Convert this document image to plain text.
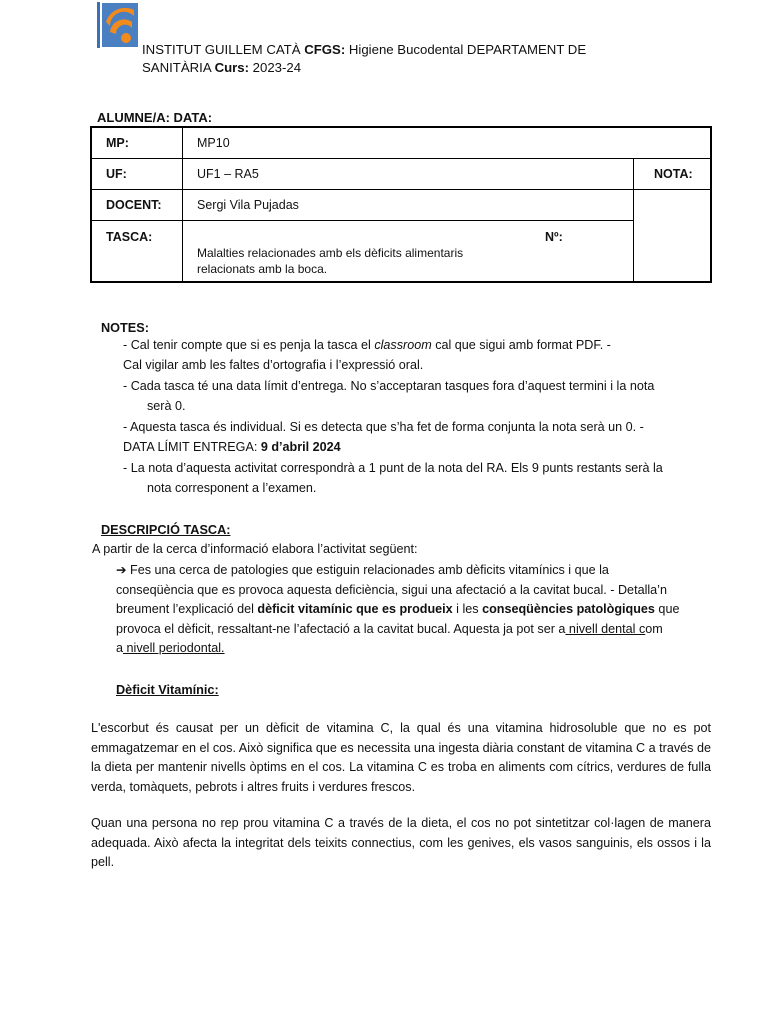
INSTITUT GUILLEM CATÀ CFGS: Higiene Bucodental DEPARTAMENT DE
SANITÀRIA Curs: 2023-24
ALUMNE/A: DATA:
MP:	MP10	
UF:	UF1 – RA5	NOTA:
DOCENT:	Sergi Vila Pujadas	
TASCA:	Nº:
Malalties relacionades amb els dèficits alimentaris
relacionats amb la boca.	
NOTES:
- Cal tenir compte que si es penja la tasca el classroom cal que sigui amb format PDF. -
Cal vigilar amb les faltes d’ortografia i l’expressió oral.
- Cada tasca té una data límit d’entrega. No s’acceptaran tasques fora d’aquest termini i la nota
serà 0.
- Aquesta tasca és individual. Si es detecta que s’ha fet de forma conjunta la nota serà un 0. -
DATA LÍMIT ENTREGA: 9 d’abril 2024
- La nota d’aquesta activitat correspondrà a 1 punt de la nota del RA. Els 9 punts restants serà la
nota corresponent a l’examen.
DESCRIPCIÓ TASCA:
A partir de la cerca d’informació elabora l’activitat següent:
➔ Fes una cerca de patologies que estiguin relacionades amb dèficits vitamínics i que la
conseqüència que es provoca aquesta deficiència, sigui una afectació a la cavitat bucal. - Detalla’n
breument l’explicació del dèficit vitamínic que es produeix i les conseqüències patològiques que
provoca el dèficit, ressaltant-ne l’afectació a la cavitat bucal. Aquesta ja pot ser a nivell dental com
a nivell periodontal.
Dèficit Vitamínic:
L'escorbut és causat per un dèficit de vitamina C, la qual és una vitamina hidrosoluble que no es pot emmagatzemar en el cos. Això significa que es necessita una ingesta diària constant de vitamina C a través de la dieta per mantenir nivells òptims en el cos. La vitamina C es troba en aliments com cítrics, verdures de fulla verda, tomàquets, pebrots i altres fruits i verdures frescos.
Quan una persona no rep prou vitamina C a través de la dieta, el cos no pot sintetitzar col·lagen de manera adequada. Això afecta la integritat dels teixits connectius, com les genives, els vasos sanguinis, els ossos i la pell.
